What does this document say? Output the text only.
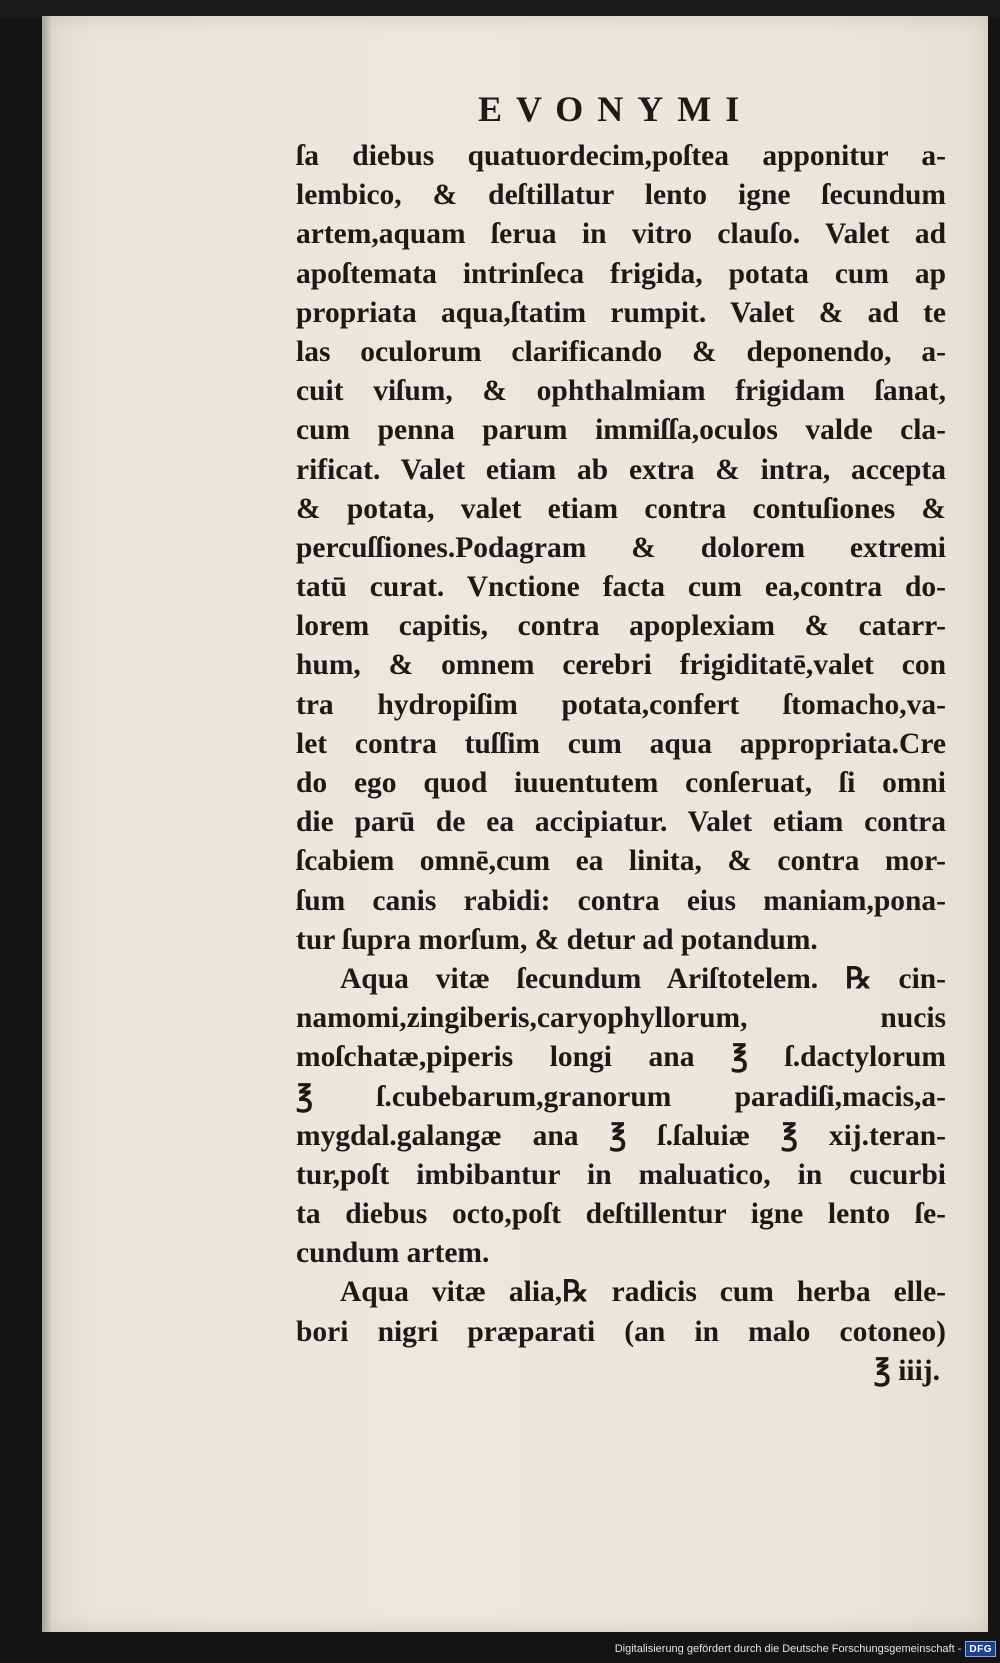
EVONYMI
ſa diebus quatuordecim,poſtea apponitur a-
lembico, & deſtillatur lento igne ſecundum
artem,aquam ſerua in vitro clauſo. Valet ad
apoſtemata intrinſeca frigida, potata cum ap
propriata aqua,ſtatim rumpit. Valet & ad te
las oculorum clarificando & deponendo, a-
cuit viſum, & ophthalmiam frigidam ſanat,
cum penna parum immiſſa,oculos valde cla-
rificat. Valet etiam ab extra & intra, accepta
& potata, valet etiam contra contuſiones &
percuſſiones.Podagram & dolorem extremi
tatū curat. Vnctione facta cum ea,contra do-
lorem capitis, contra apoplexiam & catarr-
hum, & omnem cerebri frigiditatē,valet con
tra hydropiſim potata,confert ſtomacho,va-
let contra tuſſim cum aqua appropriata.Cre
do ego quod iuuentutem conſeruat, ſi omni
die parū de ea accipiatur. Valet etiam contra
ſcabiem omnē,cum ea linita, & contra mor-
ſum canis rabidi: contra eius maniam,pona-
tur ſupra morſum, & detur ad potandum.
Aqua vitæ ſecundum Ariſtotelem. ℞ cin-
namomi,zingiberis,caryophyllorum, nucis
moſchatæ,piperis longi ana ℥ ſ.dactylorum
℥ ſ.cubebarum,granorum paradiſi,macis,a-
mygdal.galangæ ana ℥ ſ.ſaluiæ ℥ xij.teran-
tur,poſt imbibantur in maluatico, in cucurbi
ta diebus octo,poſt deſtillentur igne lento ſe-
cundum artem.
Aqua vitæ alia,℞ radicis cum herba elle-
bori nigri præparati (an in malo cotoneo)
℥ iiij.
Digitalisierung gefördert durch die Deutsche Forschungsgemeinschaft - DFG
